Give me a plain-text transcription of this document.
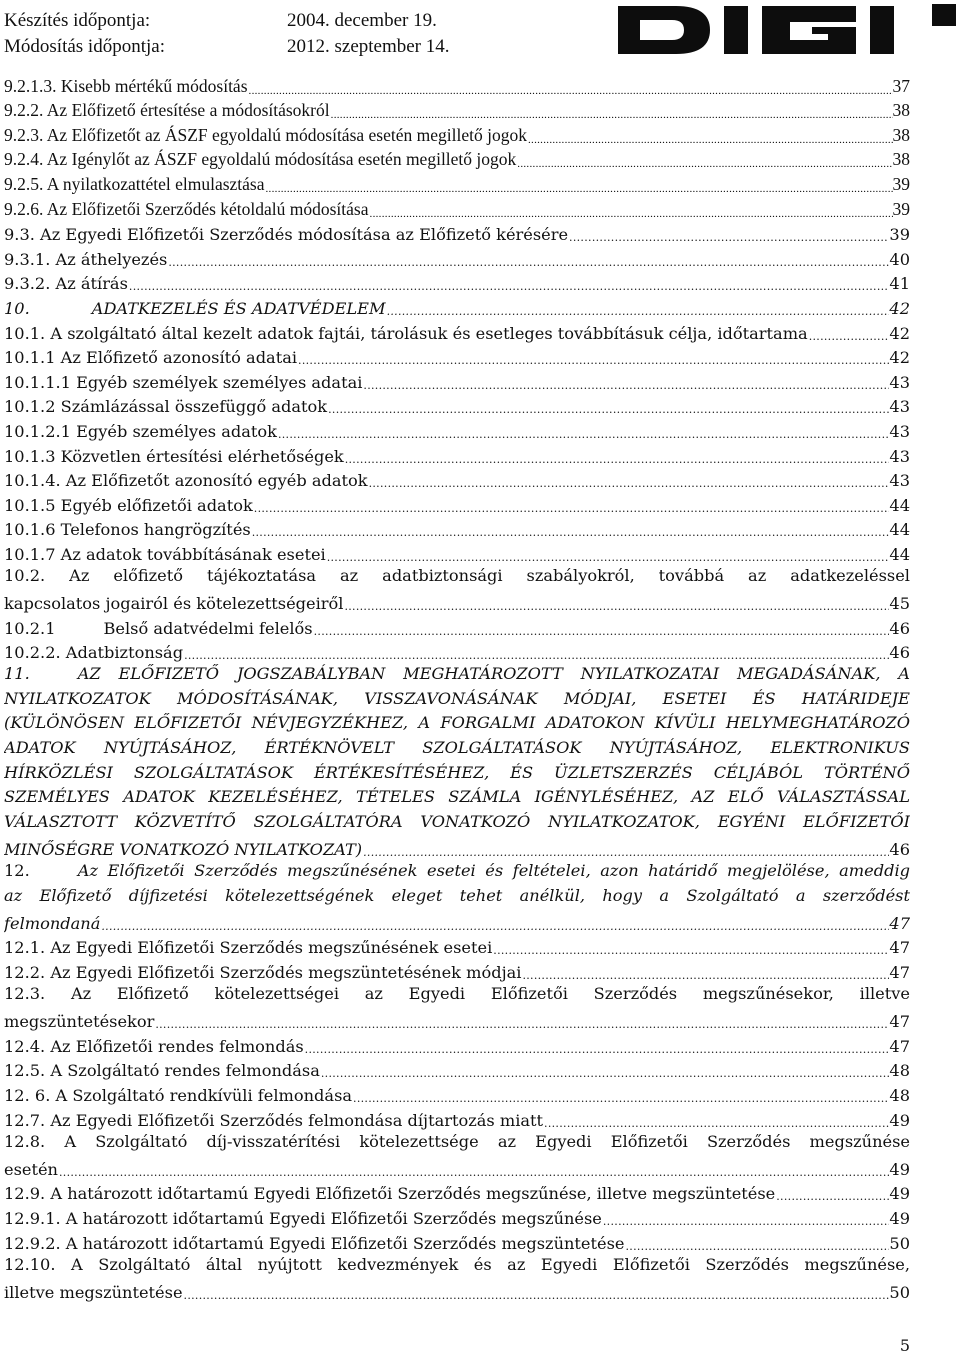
Készítés időpontja:	2004. december 19.
Módosítás időpontja:	2012. szeptember 14.
DIGI
9.2.1.3. Kisebb mértékű módosítás .....	37
9.2.2. Az Előfizető értesítése a módosításokról .....	38
9.2.3. Az Előfizetőt az ÁSZF egyoldalú módosítása esetén megillető jogok .....	38
9.2.4. Az Igénylőt az ÁSZF egyoldalú módosítása esetén megillető jogok .....	38
9.2.5. A nyilatkozattétel elmulasztása .....	39
9.2.6. Az Előfizetői Szerződés kétoldalú módosítása .....	39
9.3. Az Egyedi Előfizetői Szerződés módosítása az Előfizető kérésére .....	39
9.3.1. Az áthelyezés .....	40
9.3.2. Az átírás .....	41
10.	ADATKEZELÉS ÉS ADATVÉDELEM .....	42
10.1. A szolgáltató által kezelt adatok fajtái, tárolásuk és esetleges továbbításuk célja, időtartama .....	42
10.1.1 Az Előfizető azonosító adatai .....	42
10.1.1.1 Egyéb személyek személyes adatai .....	43
10.1.2 Számlázással összefüggő adatok .....	43
10.1.2.1 Egyéb személyes adatok .....	43
10.1.3 Közvetlen értesítési elérhetőségek .....	43
10.1.4. Az Előfizetőt azonosító egyéb adatok .....	43
10.1.5 Egyéb előfizetői adatok .....	44
10.1.6 Telefonos hangrögzítés .....	44
10.1.7 Az adatok továbbításának esetei .....	44
10.2. Az előfizető tájékoztatása az adatbiztonsági szabályokról, továbbá az adatkezeléssel
kapcsolatos jogairól és kötelezettségeiről .....	45
10.2.1	Belső adatvédelmi felelős .....	46
10.2.2. Adatbiztonság .....	46
11.	AZ ELŐFIZETŐ JOGSZABÁLYBAN MEGHATÁROZOTT NYILATKOZATAI MEGADÁSÁNAK, A
NYILATKOZATOK MÓDOSÍTÁSÁNAK, VISSZAVONÁSÁNAK MÓDJAI, ESETEI ÉS HATÁRIDEJE
(KÜLÖNÖSEN ELŐFIZETŐI NÉVJEGYZÉKHEZ, A FORGALMI ADATOKON KÍVÜLI HELYMEGHATÁROZÓ
ADATOK NYÚJTÁSÁHOZ, ÉRTÉKNÖVELT SZOLGÁLTATÁSOK NYÚJTÁSÁHOZ, ELEKTRONIKUS
HÍRKÖZLÉSI SZOLGÁLTATÁSOK ÉRTÉKESÍTÉSÉHEZ, ÉS ÜZLETSZERZÉS CÉLJÁBÓL TÖRTÉNŐ
SZEMÉLYES ADATOK KEZELÉSÉHEZ, TÉTELES SZÁMLA IGÉNYLÉSÉHEZ, AZ ELŐ VÁLASZTÁSSAL
VÁLASZTOTT KÖZVETÍTŐ SZOLGÁLTATÓRA VONATKOZÓ NYILATKOZATOK, EGYÉNI ELŐFIZETŐI
MINŐSÉGRE VONATKOZÓ NYILATKOZAT) .....	46
12.	Az Előfizetői Szerződés megszűnésének esetei és feltételei, azon határidő megjelölése, ameddig
az Előfizető díjfizetési kötelezettségének eleget tehet anélkül, hogy a Szolgáltató a szerződést
felmondaná .....	47
12.1. Az Egyedi Előfizetői Szerződés megszűnésének esetei .....	47
12.2. Az Egyedi Előfizetői Szerződés megszüntetésének módjai .....	47
12.3. Az Előfizető kötelezettségei az Egyedi Előfizetői Szerződés megszűnésekor, illetve
megszüntetésekor .....	47
12.4. Az Előfizetői rendes felmondás .....	47
12.5. A Szolgáltató rendes felmondása .....	48
12. 6. A Szolgáltató rendkívüli felmondása .....	48
12.7. Az Egyedi Előfizetői Szerződés felmondása díjtartozás miatt .....	49
12.8. A Szolgáltató díj-visszatérítési kötelezettsége az Egyedi Előfizetői Szerződés megszűnése
esetén .....	49
12.9. A határozott időtartamú Egyedi Előfizetői Szerződés megszűnése, illetve megszüntetése .....	49
12.9.1. A határozott időtartamú Egyedi Előfizetői Szerződés megszűnése .....	49
12.9.2. A határozott időtartamú Egyedi Előfizetői Szerződés megszüntetése .....	50
12.10. A Szolgáltató által nyújtott kedvezmények és az Egyedi Előfizetői Szerződés megszűnése,
illetve megszüntetése .....	50
5
